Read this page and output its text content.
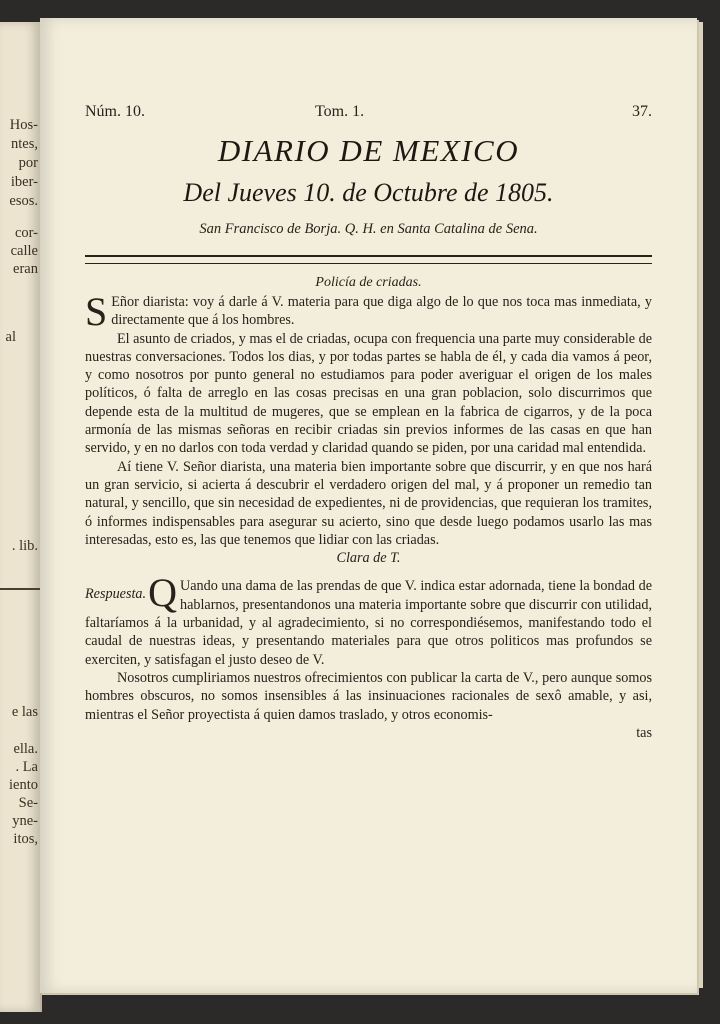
Hos-
ntes,
por
iber-
esos.
cor-
calle
eran
al
. lib.
e las
ella.
. La
iento
Se-
yne-
itos,
Núm. 10.	Tom. 1.	37.
DIARIO DE MEXICO
Del Jueves 10. de Octubre de 1805.
San Francisco de Borja. Q. H. en Santa Catalina de Sena.
Policía de criadas.

S Eñor diarista: voy á darle á V. materia para que diga algo de lo que nos toca mas inmediata, y directamente que á los hombres.

El asunto de criados, y mas el de criadas, ocupa con frequencia una parte muy considerable de nuestras conversaciones. Todos los dias, y por todas partes se habla de él, y cada dia vamos á peor, y como nosotros por punto general no estudiamos para poder averiguar el origen de los males políticos, ó falta de arreglo en las cosas precisas en una gran poblacion, solo discurrimos que depende esta de la multitud de mugeres, que se emplean en la fabrica de cigarros, y de la poca armonía de las mismas señoras en recibir criadas sin previos informes de las casas en que han servido, y en no darlos con toda verdad y claridad quando se piden, por una caridad mal entendida.

Aí tiene V. Señor diarista, una materia bien importante sobre que discurrir, y en que nos hará un gran servicio, si acierta á descubrir el verdadero origen del mal, y á proponer un remedio tan natural, y sencillo, que sin necesidad de expedientes, ni de providencias, que requieran los tramites, ó informes indispensables para asegurar su acierto, sino que desde luego podamos usarlo las mas interesadas, esto es, las que tenemos que lidiar con las criadas.

Clara de T.

Respuesta. Q Uando una dama de las prendas de que V. indica estar adornada, tiene la bondad de hablarnos, presentandonos una materia importante sobre que discurrir con utilidad, faltaríamos á la urbanidad, y al agradecimiento, si no correspondiésemos, manifestando todo el caudal de nuestras ideas, y presentando materiales para que otros politicos mas profundos se exerciten, y satisfagan el justo deseo de V.

Nosotros cumpliriamos nuestros ofrecimientos con publicar la carta de V., pero aunque somos hombres obscuros, no somos insensibles á las insinuaciones racionales de sexô amable, y asi, mientras el Señor proyectista á quien damos traslado, y otros economis-

tas
